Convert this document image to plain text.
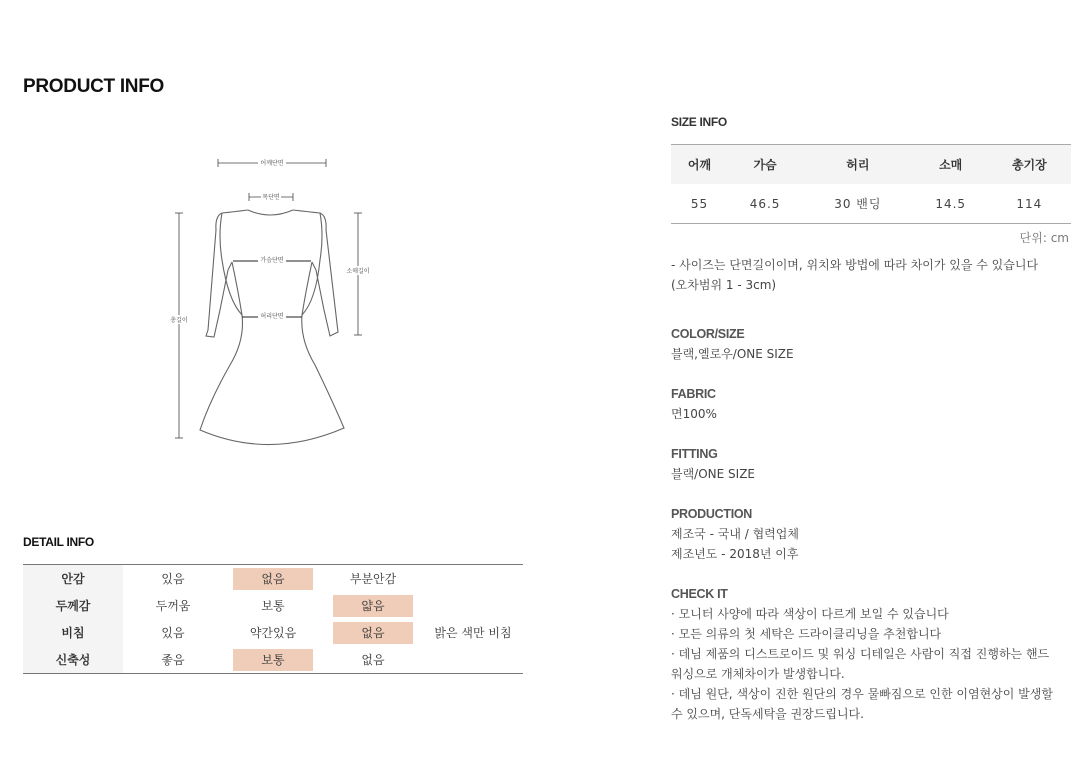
PRODUCT INFO
어깨단면
목단면
가슴단면
허리단면
소매길이
총길이
DETAIL INFO
안감	있음	없음	부분안감	
두께감	두꺼움	보통	얇음	
비침	있음	약간있음	없음	밝은 색만 비침
신축성	좋음	보통	없음	
SIZE INFO
어깨	가슴	허리	소매	총기장
55	46.5	30 밴딩	14.5	114
단위: cm
- 사이즈는 단면길이이며, 위치와 방법에 따라 차이가 있을 수 있습니다
(오차범위 1 - 3cm)
COLOR/SIZE
블랙,옐로우/ONE SIZE
FABRIC
면100%
FITTING
블랙/ONE SIZE
PRODUCTION
제조국 - 국내 / 협력업체
제조년도 - 2018년 이후
CHECK IT
· 모니터 사양에 따라 색상이 다르게 보일 수 있습니다
· 모든 의류의 첫 세탁은 드라이클리닝을 추천합니다
· 데님 제품의 디스트로이드 및 워싱 디테일은 사람이 직접 진행하는 핸드
워싱으로 개체차이가 발생합니다.
· 데님 원단, 색상이 진한 원단의 경우 물빠짐으로 인한 이염현상이 발생할
수 있으며, 단독세탁을 권장드립니다.
